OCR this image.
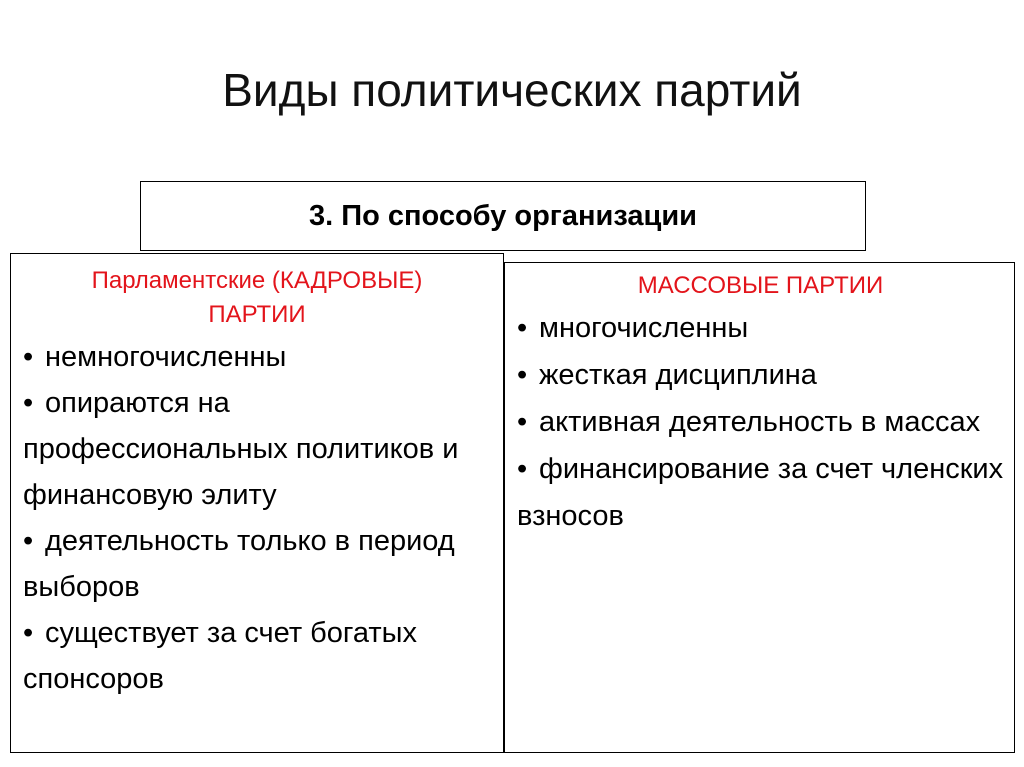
Виды политических партий
3. По способу организации
Парламентские (КАДРОВЫЕ)
ПАРТИИ

• немногочисленны

• опираются на профессиональных политиков и финансовую элиту

• деятельность только в период выборов

• существует за счет богатых спонсоров

МАССОВЫЕ ПАРТИИ

• многочисленны

• жесткая дисциплина

• активная деятельность в массах

• финансирование за счет членских взносов
